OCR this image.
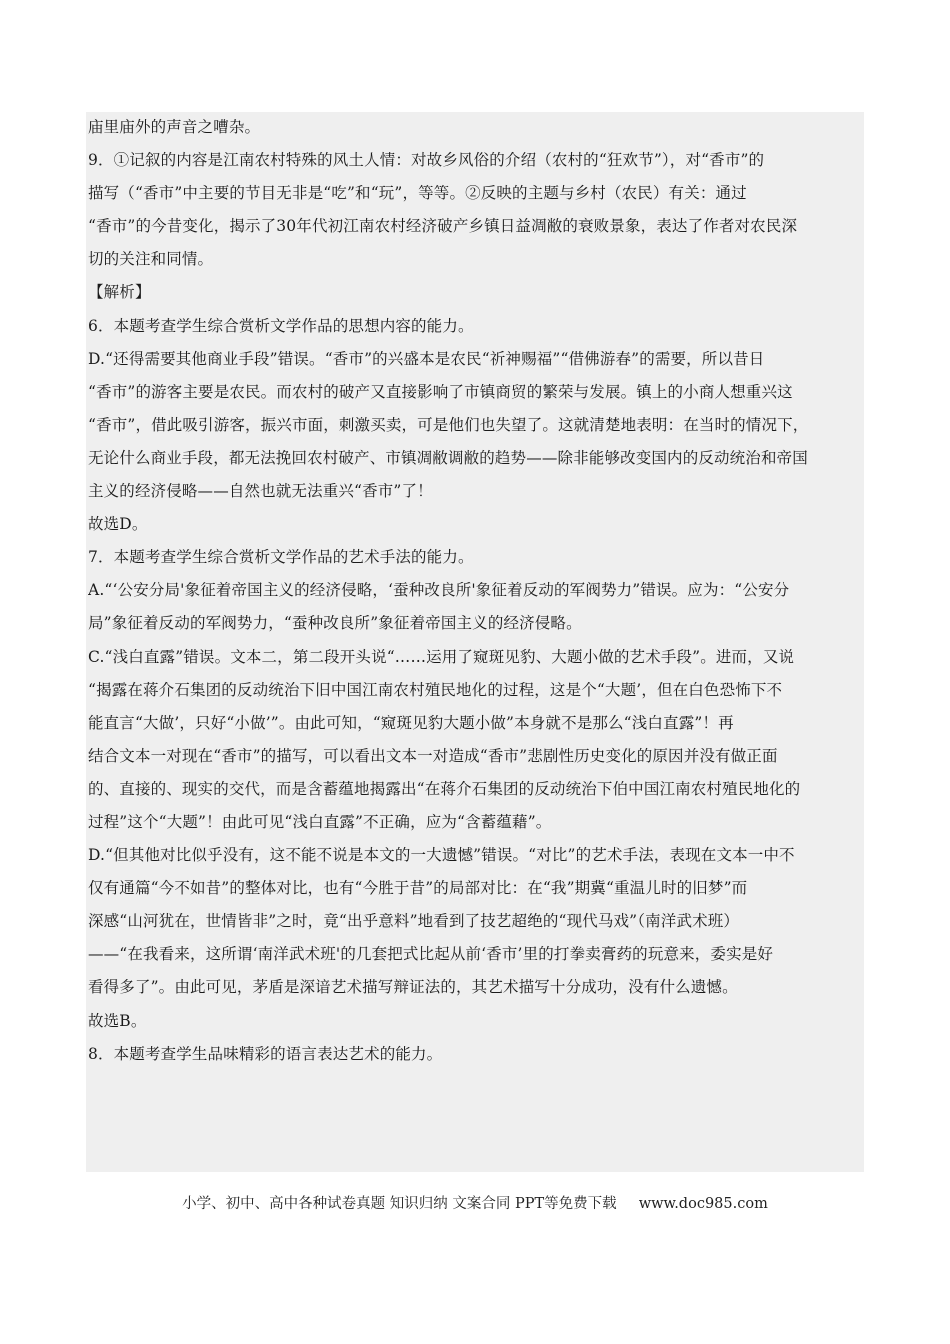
庙里庙外的声音之嘈杂。
9．①记叙的内容是江南农村特殊的风土人情：对故乡风俗的介绍（农村的“狂欢节”），对“香市”的
描写（“香市”中主要的节目无非是“吃”和“玩”，等等。②反映的主题与乡村（农民）有关：通过
“香市”的今昔变化，揭示了30年代初江南农村经济破产乡镇日益凋敝的衰败景象，表达了作者对农民深
切的关注和同情。
【解析】
6．本题考查学生综合赏析文学作品的思想内容的能力。
D.“还得需要其他商业手段”错误。“香市”的兴盛本是农民“祈神赐福”“借佛游春”的需要，所以昔日
“香市”的游客主要是农民。而农村的破产又直接影响了市镇商贸的繁荣与发展。镇上的小商人想重兴这
“香市”，借此吸引游客，振兴市面，刺激买卖，可是他们也失望了。这就清楚地表明：在当时的情况下，
无论什么商业手段，都无法挽回农村破产、市镇凋敝调敝的趋势——除非能够改变国内的反动统治和帝国
主义的经济侵略——自然也就无法重兴“香市”了！
故选D。
7．本题考查学生综合赏析文学作品的艺术手法的能力。
A.“‘公安分局'象征着帝国主义的经济侵略，‘蚕种改良所'象征着反动的军阀势力”错误。应为：“公安分
局”象征着反动的军阀势力，“蚕种改良所”象征着帝国主义的经济侵略。
C.“浅白直露”错误。文本二，第二段开头说“……运用了窥斑见豹、大题小做的艺术手段”。进而，又说
“揭露在蒋介石集团的反动统治下旧中国江南农村殖民地化的过程，这是个“大题’，但在白色恐怖下不
能直言“大做’，只好“小做’”。由此可知，“窥斑见豹大题小做”本身就不是那么“浅白直露”！再
结合文本一对现在“香市”的描写，可以看出文本一对造成“香市”悲剧性历史变化的原因并没有做正面
的、直接的、现实的交代，而是含蓄蕴地揭露出“在蒋介石集团的反动统治下伯中国江南农村殖民地化的
过程”这个“大题”！由此可见“浅白直露”不正确，应为“含蓄蕴藉”。
D.“但其他对比似乎没有，这不能不说是本文的一大遗憾”错误。“对比”的艺术手法，表现在文本一中不
仅有通篇“今不如昔”的整体对比，也有“今胜于昔”的局部对比：在“我”期冀“重温儿时的旧梦”而
深感“山河犹在，世情皆非”之时，竟“出乎意料”地看到了技艺超绝的“现代马戏”（南洋武术班）
——“在我看来，这所谓‘南洋武术班'的几套把式比起从前‘香市’里的打拳卖膏药的玩意来，委实是好
看得多了”。由此可见，茅盾是深谙艺术描写辩证法的，其艺术描写十分成功，没有什么遗憾。
故选B。
8．本题考查学生品味精彩的语言表达艺术的能力。
小学、初中、高中各种试卷真题 知识归纳 文案合同 PPT等免费下载 www.doc985.com
